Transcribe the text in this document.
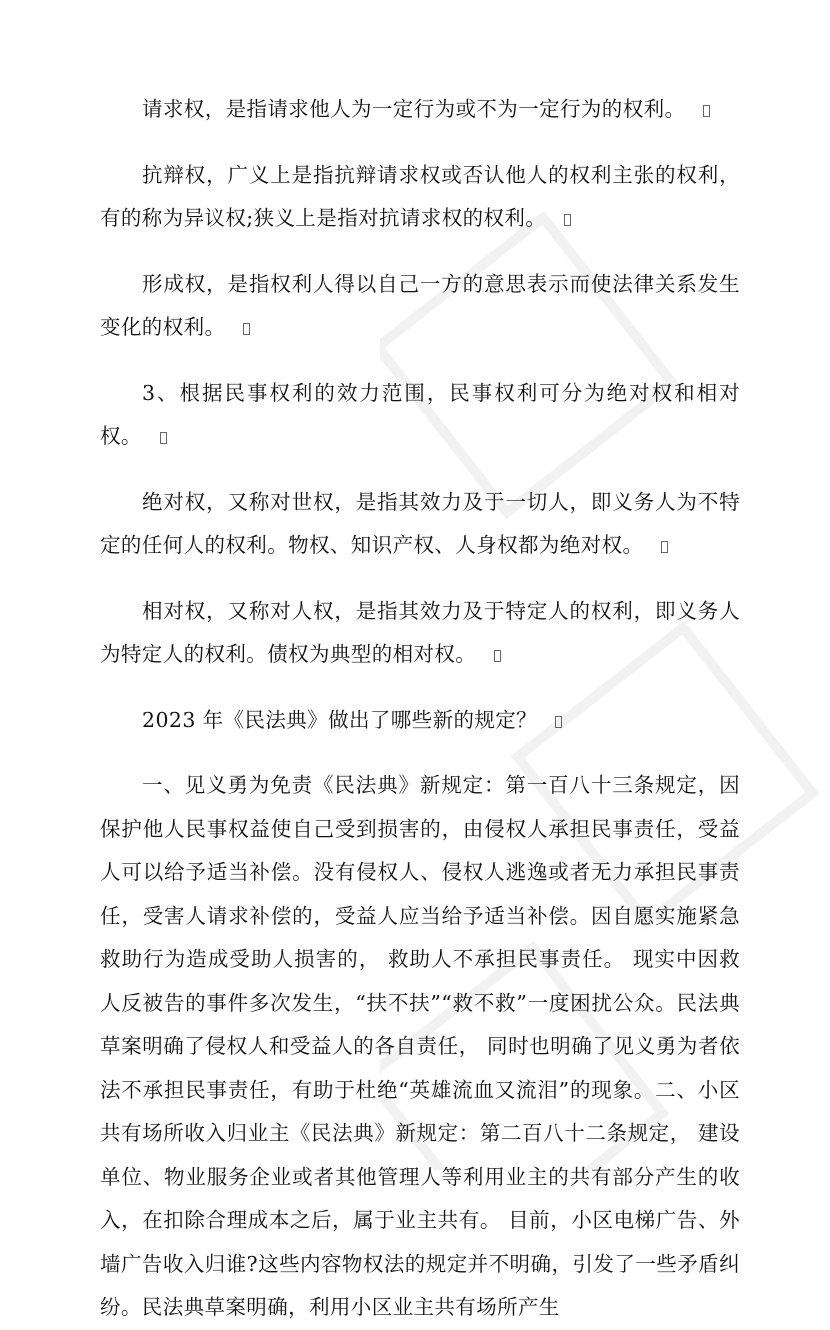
请求权，是指请求他人为一定行为或不为一定行为的权利。

抗辩权，广义上是指抗辩请求权或否认他人的权利主张的权利，有的称为异议权;狭义上是指对抗请求权的权利。

形成权，是指权利人得以自己一方的意思表示而使法律关系发生变化的权利。

3、根据民事权利的效力范围，民事权利可分为绝对权和相对权。

绝对权，又称对世权，是指其效力及于一切人，即义务人为不特定的任何人的权利。物权、知识产权、人身权都为绝对权。

相对权，又称对人权，是指其效力及于特定人的权利，即义务人为特定人的权利。债权为典型的相对权。

2023 年《民法典》做出了哪些新的规定？

一、见义勇为免责《民法典》新规定：第一百八十三条规定，因保护他人民事权益使自己受到损害的，由侵权人承担民事责任，受益人可以给予适当补偿。没有侵权人、侵权人逃逸或者无力承担民事责任，受害人请求补偿的，受益人应当给予适当补偿。因自愿实施紧急救助行为造成受助人损害的， 救助人不承担民事责任。 现实中因救人反被告的事件多次发生，“扶不扶”“救不救”一度困扰公众。民法典草案明确了侵权人和受益人的各自责任， 同时也明确了见义勇为者依法不承担民事责任，有助于杜绝“英雄流血又流泪”的现象。二、小区共有场所收入归业主《民法典》新规定：第二百八十二条规定， 建设单位、物业服务企业或者其他管理人等利用业主的共有部分产生的收入，在扣除合理成本之后，属于业主共有。 目前，小区电梯广告、外墙广告收入归谁?这些内容物权法的规定并不明确，引发了一些矛盾纠纷。民法典草案明确，利用小区业主共有场所产生
